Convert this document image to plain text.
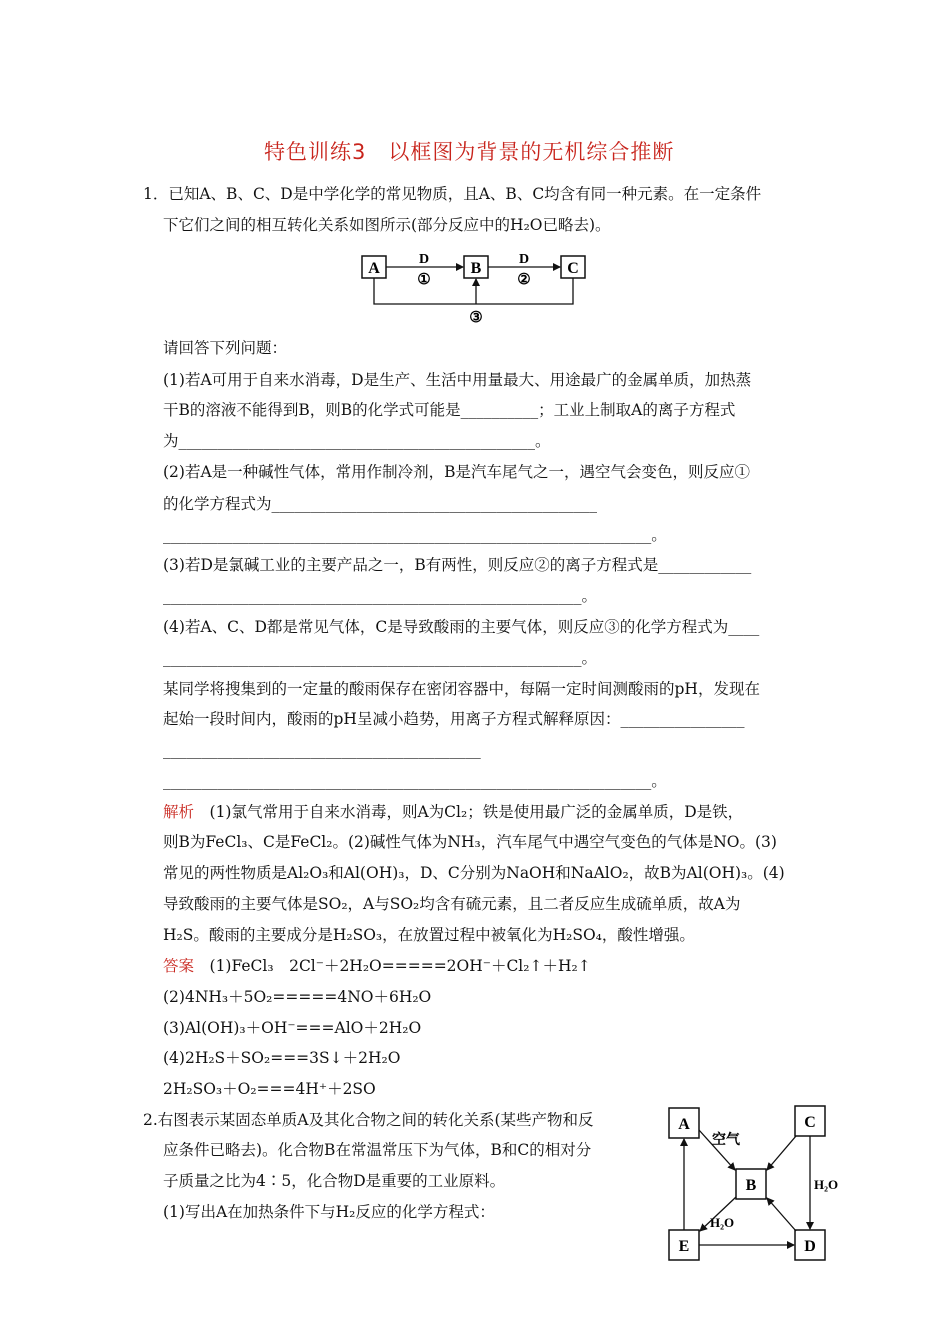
特色训练3　以框图为背景的无机综合推断
1．已知A、B、C、D是中学化学的常见物质，且A、B、C均含有同一种元素。在一定条件
下它们之间的相互转化关系如图所示(部分反应中的H₂O已略去)。
A	B	C
D
①
D
②
③
请回答下列问题：
(1)若A可用于自来水消毒，D是生产、生活中用量最大、用途最广的金属单质，加热蒸
干B的溶液不能得到B，则B的化学式可能是__________；工业上制取A的离子方程式
为______________________________________________。
(2)若A是一种碱性气体，常用作制冷剂，B是汽车尾气之一，遇空气会变色，则反应①
的化学方程式为__________________________________________
_______________________________________________________________。
(3)若D是氯碱工业的主要产品之一，B有两性，则反应②的离子方程式是____________
______________________________________________________。
(4)若A、C、D都是常见气体，C是导致酸雨的主要气体，则反应③的化学方程式为____
______________________________________________________。
某同学将搜集到的一定量的酸雨保存在密闭容器中，每隔一定时间测酸雨的pH，发现在
起始一段时间内，酸雨的pH呈减小趋势，用离子方程式解释原因：________________
_________________________________________
_______________________________________________________________。
解析　(1)氯气常用于自来水消毒，则A为Cl₂；铁是使用最广泛的金属单质，D是铁，
则B为FeCl₃、C是FeCl₂。(2)碱性气体为NH₃，汽车尾气中遇空气变色的气体是NO。(3)
常见的两性物质是Al₂O₃和Al(OH)₃，D、C分别为NaOH和NaAlO₂，故B为Al(OH)₃。(4)
导致酸雨的主要气体是SO₂，A与SO₂均含有硫元素，且二者反应生成硫单质，故A为
H₂S。酸雨的主要成分是H₂SO₃，在放置过程中被氧化为H₂SO₄，酸性增强。
答案　(1)FeCl₃　2Cl⁻＋2H₂O=====2OH⁻＋Cl₂↑＋H₂↑
(2)4NH₃＋5O₂=====4NO＋6H₂O
(3)Al(OH)₃＋OH⁻===AlO＋2H₂O
(4)2H₂S＋SO₂===3S↓＋2H₂O
2H₂SO₃＋O₂===4H⁺＋2SO
2.右图表示某固态单质A及其化合物之间的转化关系(某些产物和反
应条件已略去)。化合物B在常温常压下为气体，B和C的相对分
子质量之比为4∶5，化合物D是重要的工业原料。
(1)写出A在加热条件下与H₂反应的化学方程式：
A	C
B
E	D
空气
H₂O
H₂O
